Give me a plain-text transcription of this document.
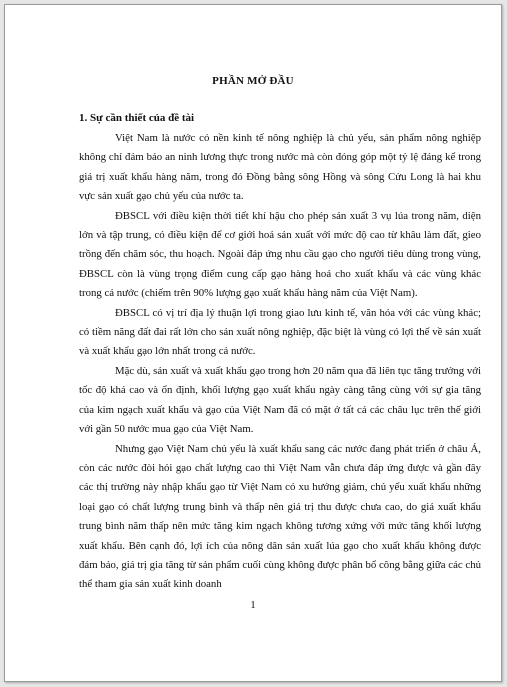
PHẦN MỞ ĐẦU
1. Sự cần thiết của đề tài

Việt Nam là nước có nền kinh tế nông nghiệp là chủ yếu, sản phẩm nông nghiệp không chỉ đảm bảo an ninh lương thực trong nước mà còn đóng góp một tỷ lệ đáng kể trong giá trị xuất khẩu hàng năm, trong đó Đồng bằng sông Hồng và sông Cửu Long là hai khu vực sản xuất gạo chủ yếu của nước ta.

ĐBSCL với điều kiện thời tiết khí hậu cho phép sản xuất 3 vụ lúa trong năm, diện lớn và tập trung, có điều kiện để cơ giới hoá sản xuất với mức độ cao từ khâu làm đất, gieo trồng đến chăm sóc, thu hoạch. Ngoài đáp ứng nhu cầu gạo cho người tiêu dùng trong vùng, ĐBSCL còn là vùng trọng điểm cung cấp gạo hàng hoá cho xuất khẩu và các vùng khác trong cả nước (chiếm trên 90% lượng gạo xuất khẩu hàng năm của Việt Nam).

ĐBSCL có vị trí địa lý thuận lợi trong giao lưu kinh tế, văn hóa với các vùng khác; có tiềm năng đất đai rất lớn cho sản xuất nông nghiệp, đặc biệt là vùng có lợi thế về sản xuất và xuất khẩu gạo lớn nhất trong cả nước.

Mặc dù, sản xuất và xuất khẩu gạo trong hơn 20 năm qua đã liên tục tăng trưởng với tốc độ khá cao và ổn định, khối lượng gạo xuất khẩu ngày càng tăng cùng với sự gia tăng của kim ngạch xuất khẩu và gạo của Việt Nam đã có mặt ở tất cả các châu lục trên thế giới với gần 50 nước mua gạo của Việt Nam.

Nhưng gạo Việt Nam chủ yếu là xuất khẩu sang các nước đang phát triển ở châu Á, còn các nước đòi hỏi gạo chất lượng cao thì Việt Nam vẫn chưa đáp ứng được và gần đây các thị trường này nhập khẩu gạo từ Việt Nam có xu hướng giảm, chủ yếu xuất khẩu những loại gạo có chất lượng trung bình và thấp nên giá trị thu được chưa cao, do giá xuất khẩu trung bình năm thấp nên mức tăng kim ngạch không tương xứng với mức tăng khối lượng xuất khẩu. Bên cạnh đó, lợi ích của nông dân sản xuất lúa gạo cho xuất khẩu không được đảm bảo, giá trị gia tăng từ sản phẩm cuối cùng không được phân bổ công bằng giữa các chủ thể tham gia sản xuất kinh doanh

1
